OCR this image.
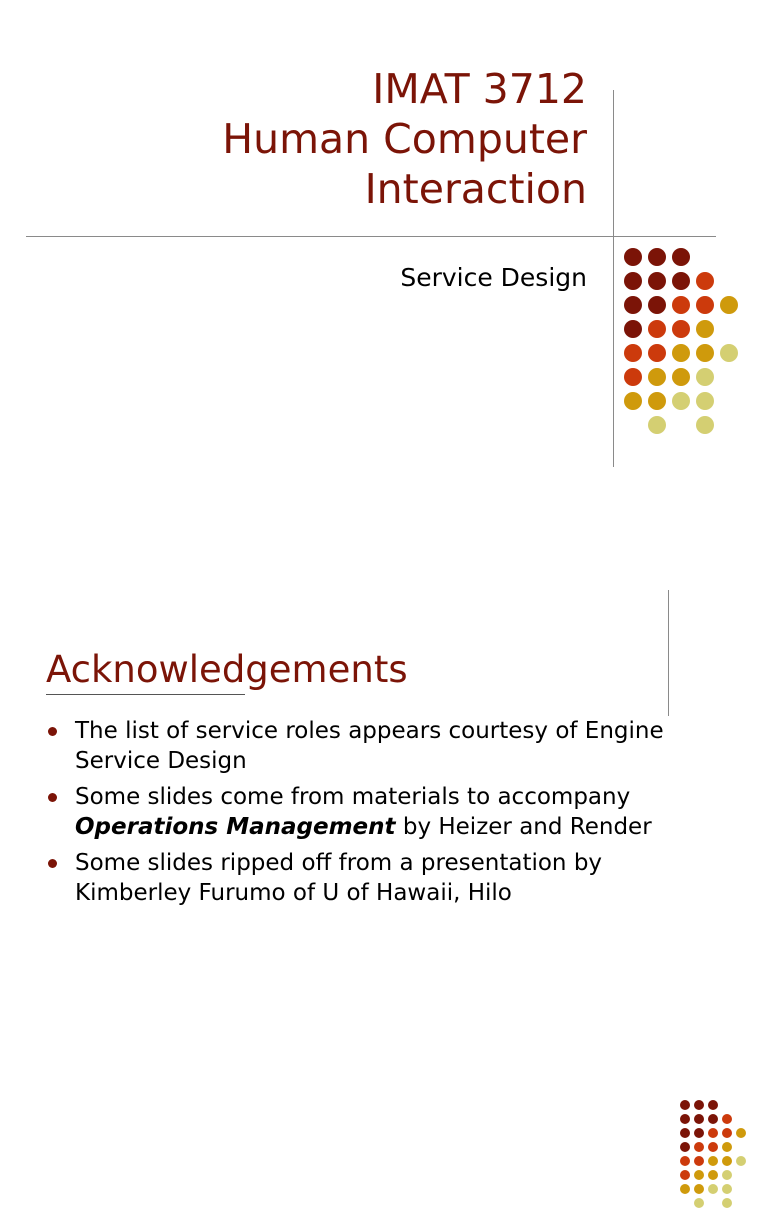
IMAT 3712
Human Computer
Interaction
Service Design
Acknowledgements
The list of service roles appears courtesy of Engine
Service Design
Some slides come from materials to accompany
Operations Management by Heizer and Render
Some slides ripped off from a presentation by
Kimberley Furumo of U of Hawaii, Hilo
